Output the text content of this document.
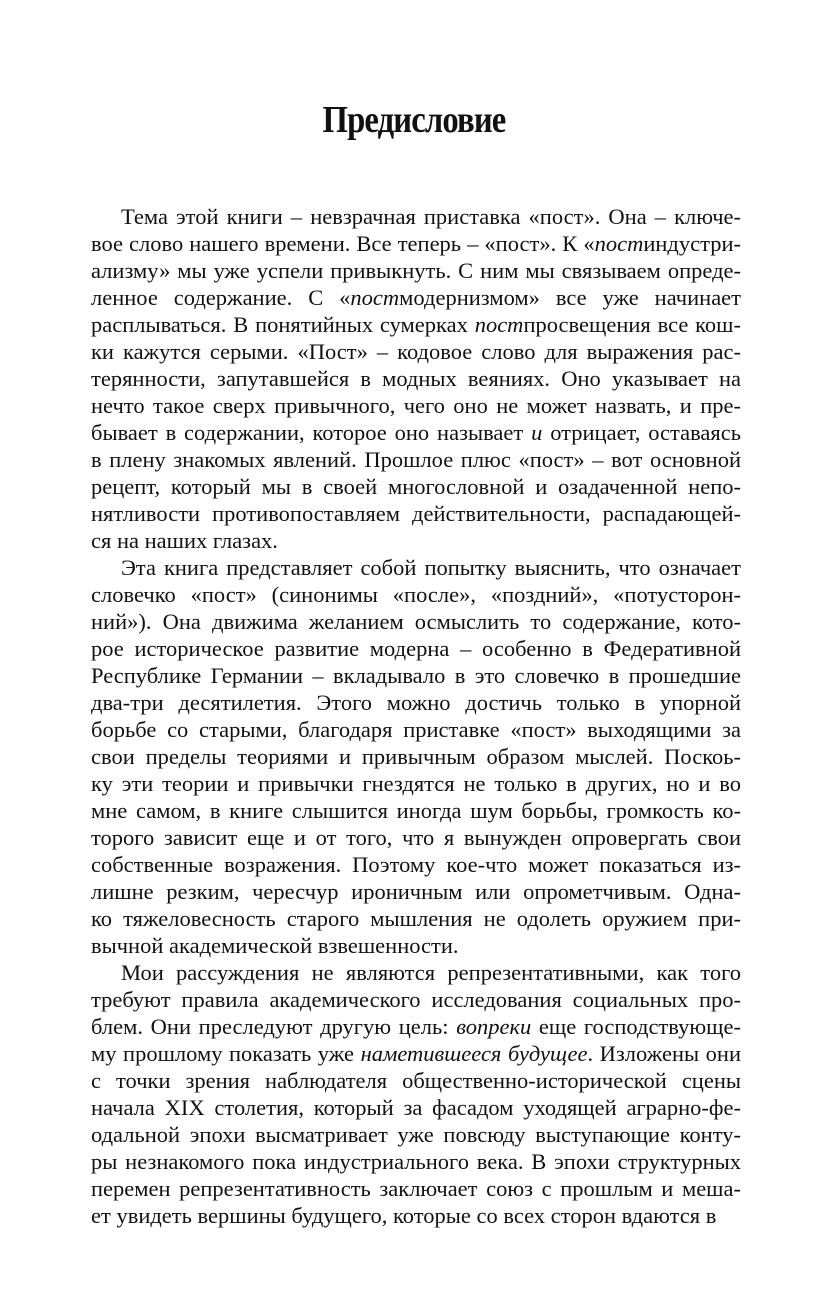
Предисловие
Тема этой книги – невзрачная приставка «пост». Она – ключе-
вое слово нашего времени. Все теперь – «пост». К «постиндустри-
ализму» мы уже успели привыкнуть. С ним мы связываем опреде-
ленное содержание. С «постмодернизмом» все уже начинает
расплываться. В понятийных сумерках постпросвещения все кош-
ки кажутся серыми. «Пост» – кодовое слово для выражения рас-
терянности, запутавшейся в модных веяниях. Оно указывает на
нечто такое сверх привычного, чего оно не может назвать, и пре-
бывает в содержании, которое оно называет и отрицает, оставаясь
в плену знакомых явлений. Прошлое плюс «пост» – вот основной
рецепт, который мы в своей многословной и озадаченной непо-
нятливости противопоставляем действительности, распадающей-
ся на наших глазах.
Эта книга представляет собой попытку выяснить, что означает
словечко «пост» (синонимы «после», «поздний», «потусторон-
ний»). Она движима желанием осмыслить то содержание, кото-
рое историческое развитие модерна – особенно в Федеративной
Республике Германии – вкладывало в это словечко в прошедшие
два-три десятилетия. Этого можно достичь только в упорной
борьбе со старыми, благодаря приставке «пост» выходящими за
свои пределы теориями и привычным образом мыслей. Поскоь-
ку эти теории и привычки гнездятся не только в других, но и во
мне самом, в книге слышится иногда шум борьбы, громкость ко-
торого зависит еще и от того, что я вынужден опровергать свои
собственные возражения. Поэтому кое-что может показаться из-
лишне резким, чересчур ироничным или опрометчивым. Одна-
ко тяжеловесность старого мышления не одолеть оружием при-
вычной академической взвешенности.
Мои рассуждения не являются репрезентативными, как того
требуют правила академического исследования социальных про-
блем. Они преследуют другую цель: вопреки еще господствующе-
му прошлому показать уже наметившееся будущее. Изложены они
с точки зрения наблюдателя общественно-исторической сцены
начала XIX столетия, который за фасадом уходящей аграрно-фе-
одальной эпохи высматривает уже повсюду выступающие конту-
ры незнакомого пока индустриального века. В эпохи структурных
перемен репрезентативность заключает союз с прошлым и меша-
ет увидеть вершины будущего, которые со всех сторон вдаются в
